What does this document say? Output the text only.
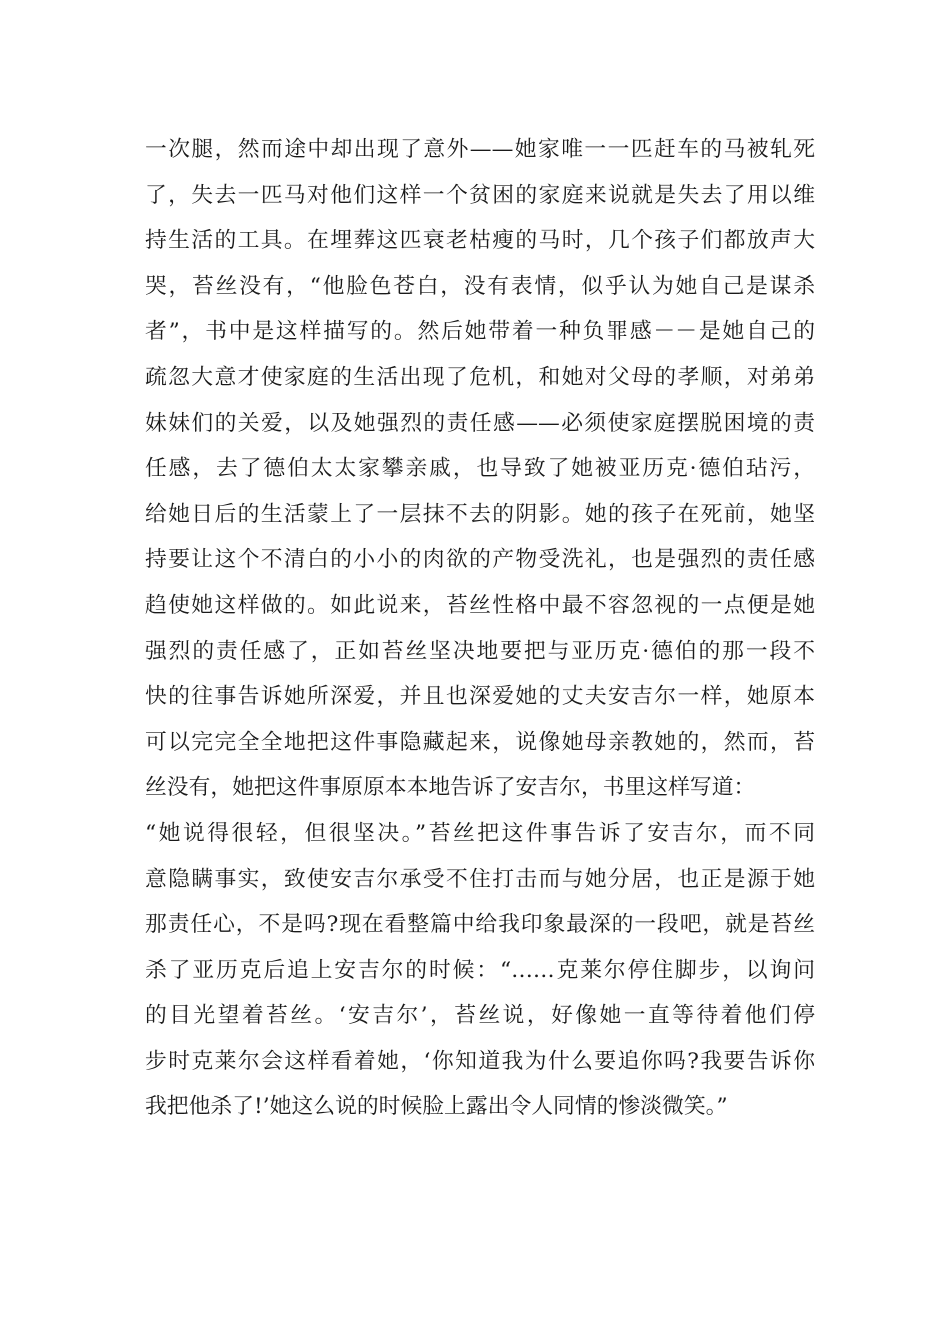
一次腿，然而途中却出现了意外——她家唯一一匹赶车的马被轧死
了，失去一匹马对他们这样一个贫困的家庭来说就是失去了用以维
持生活的工具。在埋葬这匹衰老枯瘦的马时，几个孩子们都放声大
哭，苔丝没有，“他脸色苍白，没有表情，似乎认为她自己是谋杀
者”，书中是这样描写的。然后她带着一种负罪感－－是她自己的
疏忽大意才使家庭的生活出现了危机，和她对父母的孝顺，对弟弟
妹妹们的关爱，以及她强烈的责任感——必须使家庭摆脱困境的责
任感，去了德伯太太家攀亲戚，也导致了她被亚历克·德伯玷污，
给她日后的生活蒙上了一层抹不去的阴影。她的孩子在死前，她坚
持要让这个不清白的小小的肉欲的产物受洗礼，也是强烈的责任感
趋使她这样做的。如此说来，苔丝性格中最不容忽视的一点便是她
强烈的责任感了，正如苔丝坚决地要把与亚历克·德伯的那一段不
快的往事告诉她所深爱，并且也深爱她的丈夫安吉尔一样，她原本
可以完完全全地把这件事隐藏起来，说像她母亲教她的，然而，苔
丝没有，她把这件事原原本本地告诉了安吉尔，书里这样写道：
“她说得很轻，但很坚决。”苔丝把这件事告诉了安吉尔，而不同
意隐瞒事实，致使安吉尔承受不住打击而与她分居，也正是源于她
那责任心，不是吗?现在看整篇中给我印象最深的一段吧，就是苔丝
杀了亚历克后追上安吉尔的时候：“……克莱尔停住脚步，以询问
的目光望着苔丝。‘安吉尔’，苔丝说，好像她一直等待着他们停
步时克莱尔会这样看着她，‘你知道我为什么要追你吗?我要告诉你
我把他杀了!’她这么说的时候脸上露出令人同情的惨淡微笑。”
